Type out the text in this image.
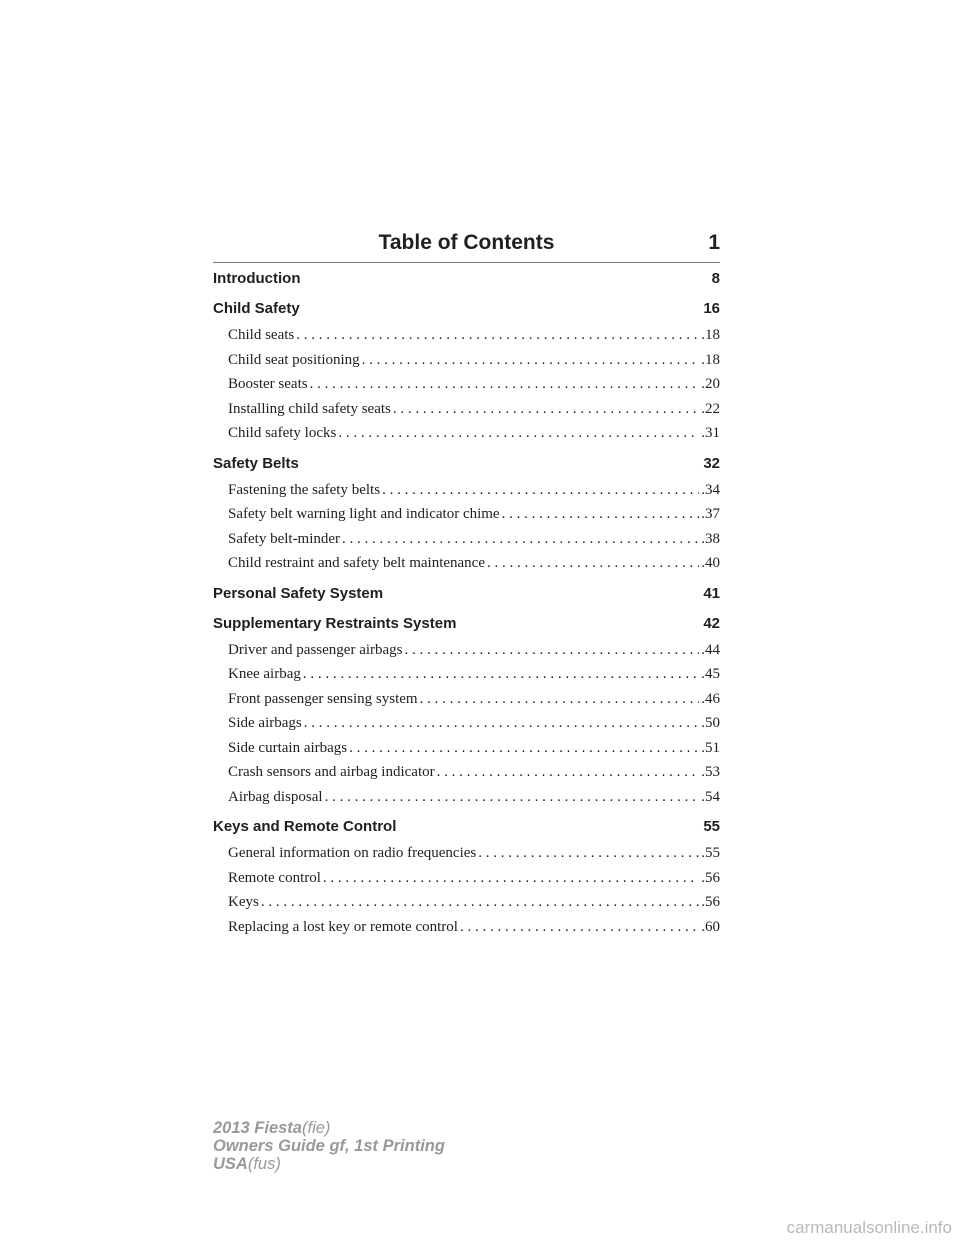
Table of Contents	1
Introduction	8
Child Safety	16
Child seats . . .	.18
Child seat positioning . . .	.18
Booster seats . . .	.20
Installing child safety seats . . .	.22
Child safety locks . . .	.31
Safety Belts	32
Fastening the safety belts . . .	.34
Safety belt warning light and indicator chime . . .	.37
Safety belt-minder . . .	.38
Child restraint and safety belt maintenance . . .	.40
Personal Safety System	41
Supplementary Restraints System	42
Driver and passenger airbags . . .	.44
Knee airbag . . .	.45
Front passenger sensing system . . .	.46
Side airbags . . .	.50
Side curtain airbags . . .	.51
Crash sensors and airbag indicator . . .	.53
Airbag disposal . . .	.54
Keys and Remote Control	55
General information on radio frequencies . . .	.55
Remote control . . .	.56
Keys . . .	.56
Replacing a lost key or remote control . . .	.60
2013 Fiesta(fie)
Owners Guide gf, 1st Printing
USA(fus)
carmanualsonline.info
